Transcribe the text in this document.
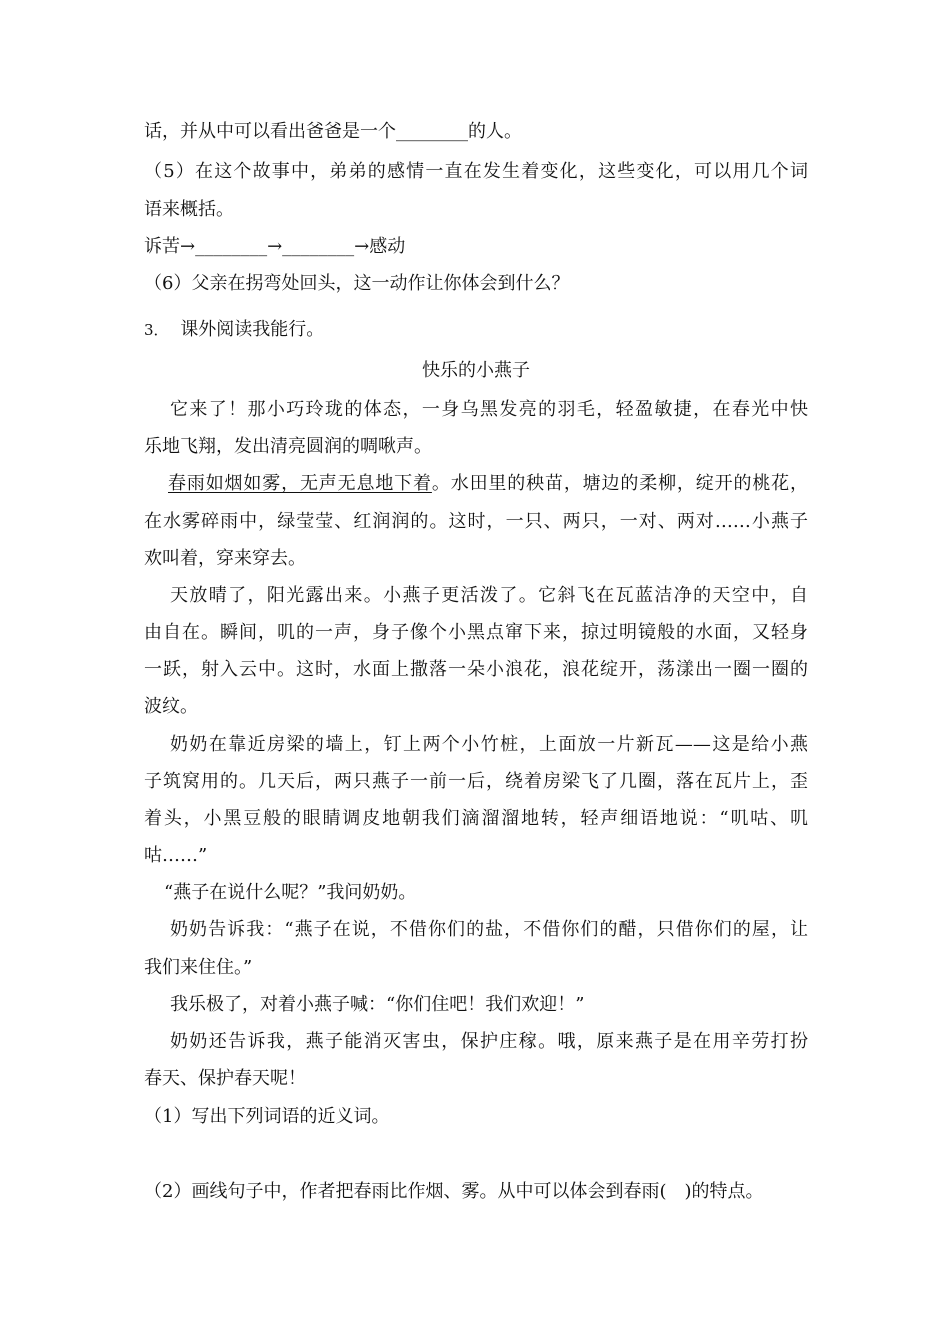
话，并从中可以看出爸爸是一个________的人。
（5）在这个故事中，弟弟的感情一直在发生着变化，这些变化，可以用几个词
语来概括。
诉苦→________→________→感动
（6）父亲在拐弯处回头，这一动作让你体会到什么？
3． 课外阅读我能行。
快乐的小燕子
它来了！那小巧玲珑的体态，一身乌黑发亮的羽毛，轻盈敏捷，在春光中快
乐地飞翔，发出清亮圆润的啁啾声。
春雨如烟如雾，无声无息地下着。水田里的秧苗，塘边的柔柳，绽开的桃花，
在水雾碎雨中，绿莹莹、红润润的。这时，一只、两只，一对、两对……小燕子
欢叫着，穿来穿去。
天放晴了，阳光露出来。小燕子更活泼了。它斜飞在瓦蓝洁净的天空中，自
由自在。瞬间，叽的一声，身子像个小黑点窜下来，掠过明镜般的水面，又轻身
一跃，射入云中。这时，水面上撒落一朵小浪花，浪花绽开，荡漾出一圈一圈的
波纹。
奶奶在靠近房梁的墙上，钉上两个小竹桩，上面放一片新瓦——这是给小燕
子筑窝用的。几天后，两只燕子一前一后，绕着房梁飞了几圈，落在瓦片上，歪
着头，小黑豆般的眼睛调皮地朝我们滴溜溜地转，轻声细语地说：“叽咕、叽
咕……”
“燕子在说什么呢？”我问奶奶。
奶奶告诉我：“燕子在说，不借你们的盐，不借你们的醋，只借你们的屋，让
我们来住住。”
我乐极了，对着小燕子喊：“你们住吧！我们欢迎！”
奶奶还告诉我，燕子能消灭害虫，保护庄稼。哦，原来燕子是在用辛劳打扮
春天、保护春天呢！
（1）写出下列词语的近义词。
（2）画线句子中，作者把春雨比作烟、雾。从中可以体会到春雨(　)的特点。
